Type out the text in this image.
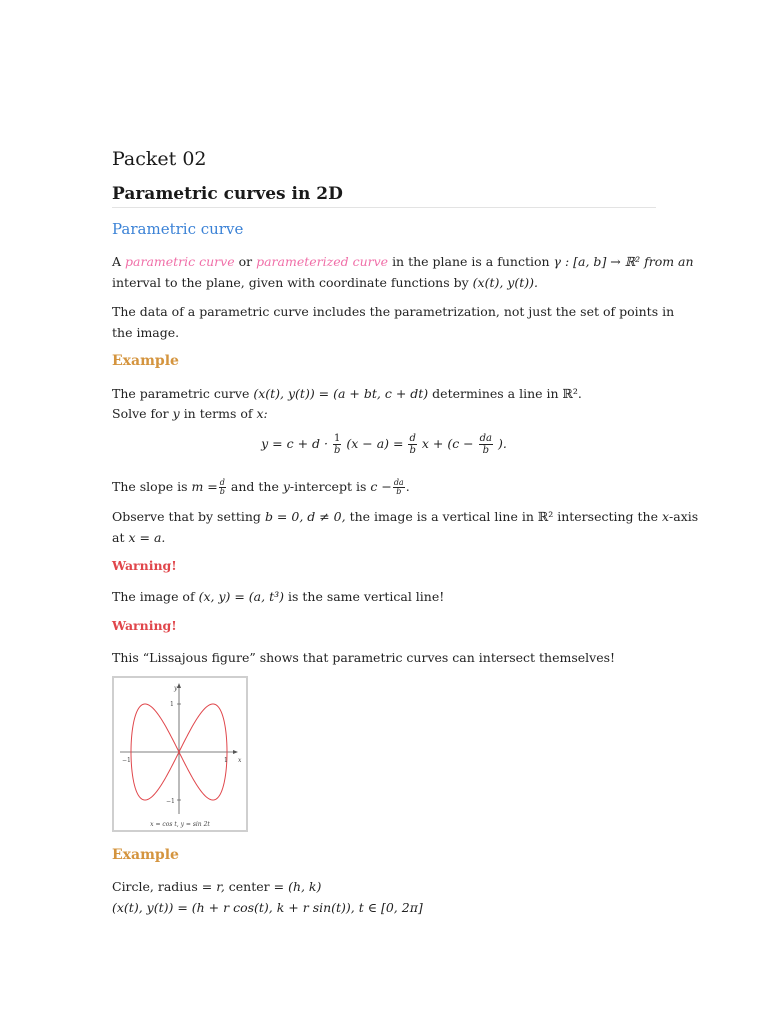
Packet 02
Parametric curves in 2D
Parametric curve
A parametric curve or parameterized curve in the plane is a function γ : [a, b] → ℝ² from an
interval to the plane, given with coordinate functions by (x(t), y(t)).
The data of a parametric curve includes the parametrization, not just the set of points in
the image.
Example
The parametric curve (x(t), y(t)) = (a + bt, c + dt) determines a line in ℝ².
Solve for y in terms of x:
$y = c + d \cdot \frac{1}{b} (x - a) = \frac{d}{b}$ $x + (c - \frac{da}{b}$ ).
The slope is $m = \frac{d}{b}$ and the y-intercept is $c - \frac{da}{b}$ .
Observe that by setting b = 0, d ≠ 0, the image is a vertical line in ℝ² intersecting the x-axis
at x = a.
Warning!
The image of (x, y) = (a, t³) is the same vertical line!
Warning!
This “Lissajous figure” shows that parametric curves can intersect themselves!
y
x
1
−1
1
−1
x = cos t, y = sin 2t
Example
Circle, radius = r, center = (h, k)
(x(t), y(t)) = (h + r cos(t), k + r sin(t)), t ∈ [0, 2π]
